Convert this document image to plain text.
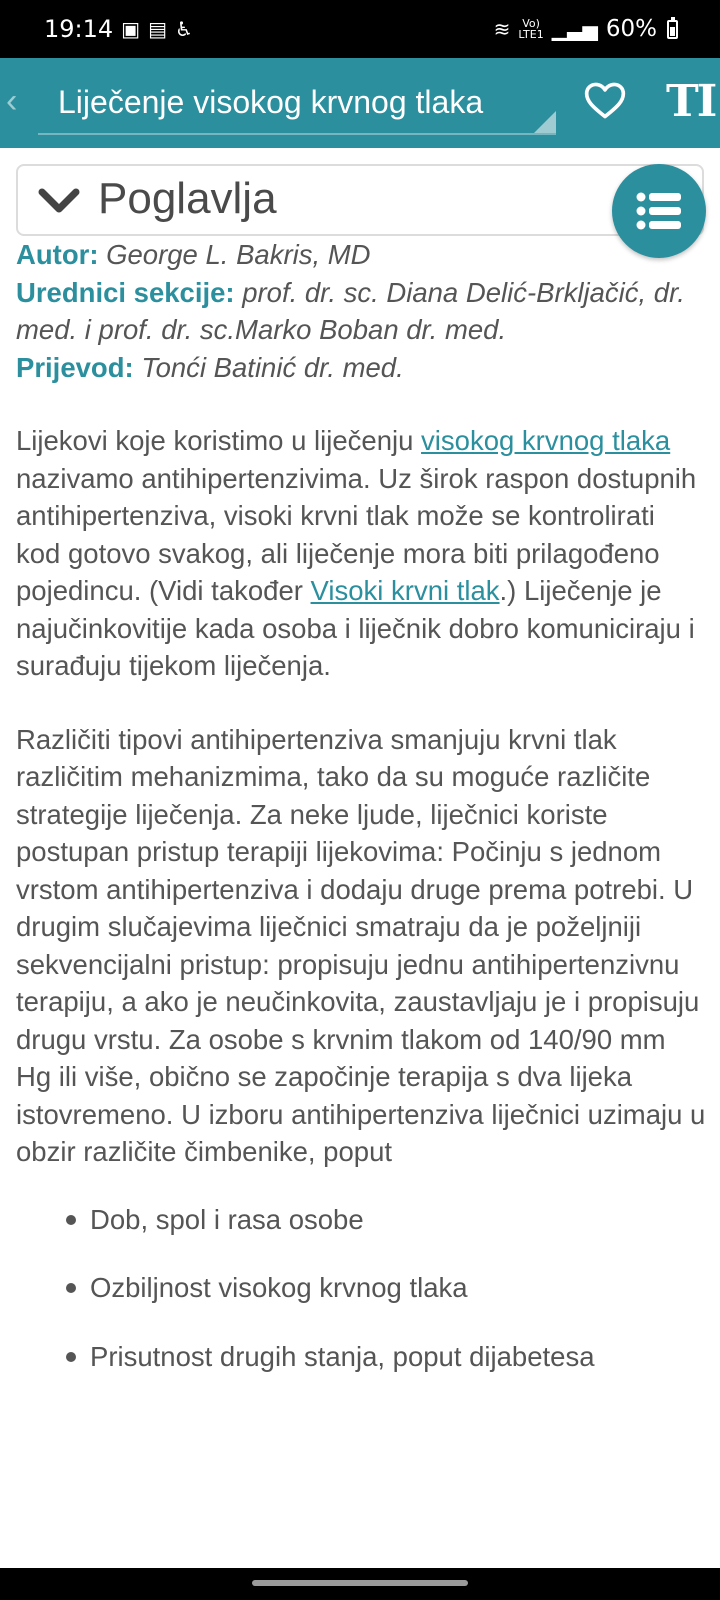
19:14 ▣ ▤ ♿	≋	Vo)
LTE1 ▁▃▅ 60%
‹ Liječenje visokog krvnog tlaka	TI
Poglavlja

Autor: George L. Bakris, MD
Urednici sekcije: prof. dr. sc. Diana Delić-Brkljačić, dr. med. i prof. dr. sc.Marko Boban dr. med.
Prijevod: Tonći Batinić dr. med.

Lijekovi koje koristimo u liječenju visokog krvnog tlaka nazivamo antihipertenzivima. Uz širok raspon dostupnih antihipertenziva, visoki krvni tlak može se kontrolirati kod gotovo svakog, ali liječenje mora biti prilagođeno pojedincu. (Vidi također Visoki krvni tlak.) Liječenje je najučinkovitije kada osoba i liječnik dobro komuniciraju i surađuju tijekom liječenja.

Različiti tipovi antihipertenziva smanjuju krvni tlak različitim mehanizmima, tako da su moguće različite strategije liječenja. Za neke ljude, liječnici koriste postupan pristup terapiji lijekovima: Počinju s jednom vrstom antihipertenziva i dodaju druge prema potrebi. U drugim slučajevima liječnici smatraju da je poželjniji sekvencijalni pristup: propisuju jednu antihipertenzivnu terapiju, a ako je neučinkovita, zaustavljaju je i propisuju drugu vrstu. Za osobe s krvnim tlakom od 140/90 mm Hg ili više, obično se započinje terapija s dva lijeka istovremeno. U izboru antihipertenziva liječnici uzimaju u obzir različite čimbenike, poput

Dob, spol i rasa osobe
Ozbiljnost visokog krvnog tlaka
Prisutnost drugih stanja, poput dijabetesa
